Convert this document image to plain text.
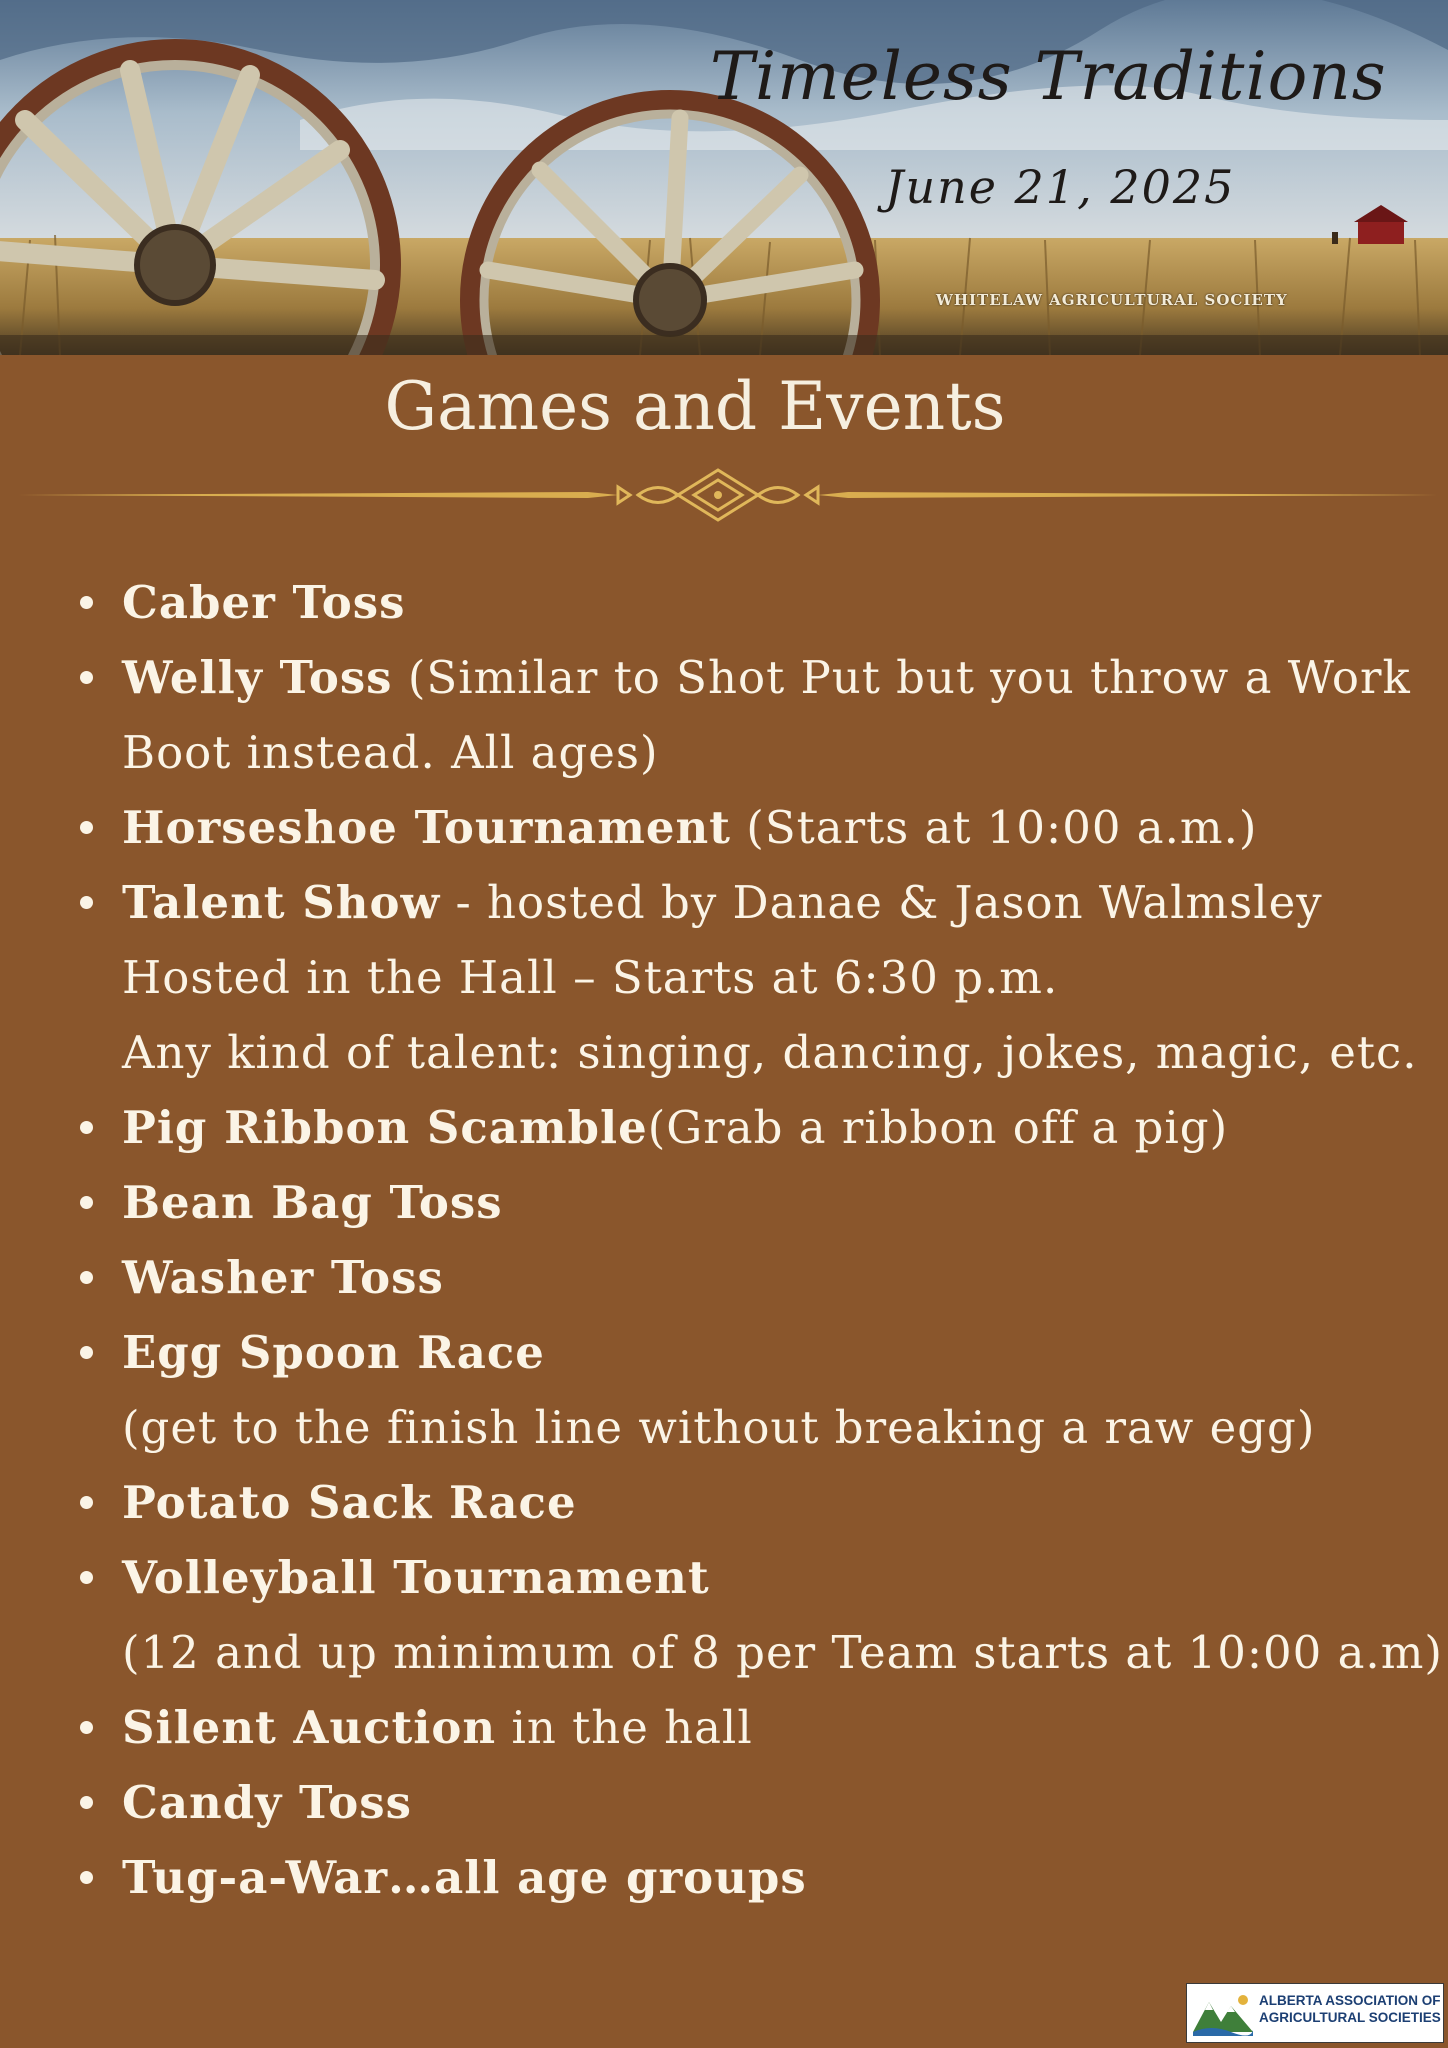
Timeless Traditions
June 21, 2025
WHITELAW AGRICULTURAL SOCIETY
Games and Events
Caber Toss
Welly Toss (Similar to Shot Put but you throw a Work
Boot instead. All ages)
Horseshoe Tournament (Starts at 10:00 a.m.)
Talent Show - hosted by Danae & Jason Walmsley
Hosted in the Hall – Starts at 6:30 p.m.
Any kind of talent: singing, dancing, jokes, magic, etc.
Pig Ribbon Scamble(Grab a ribbon off a pig)
Bean Bag Toss
Washer Toss
Egg Spoon Race
(get to the finish line without breaking a raw egg)
Potato Sack Race
Volleyball Tournament
(12 and up minimum of 8 per Team starts at 10:00 a.m)
Silent Auction in the hall
Candy Toss
Tug-a-War…all age groups
ALBERTA ASSOCIATION OF
AGRICULTURAL SOCIETIES
